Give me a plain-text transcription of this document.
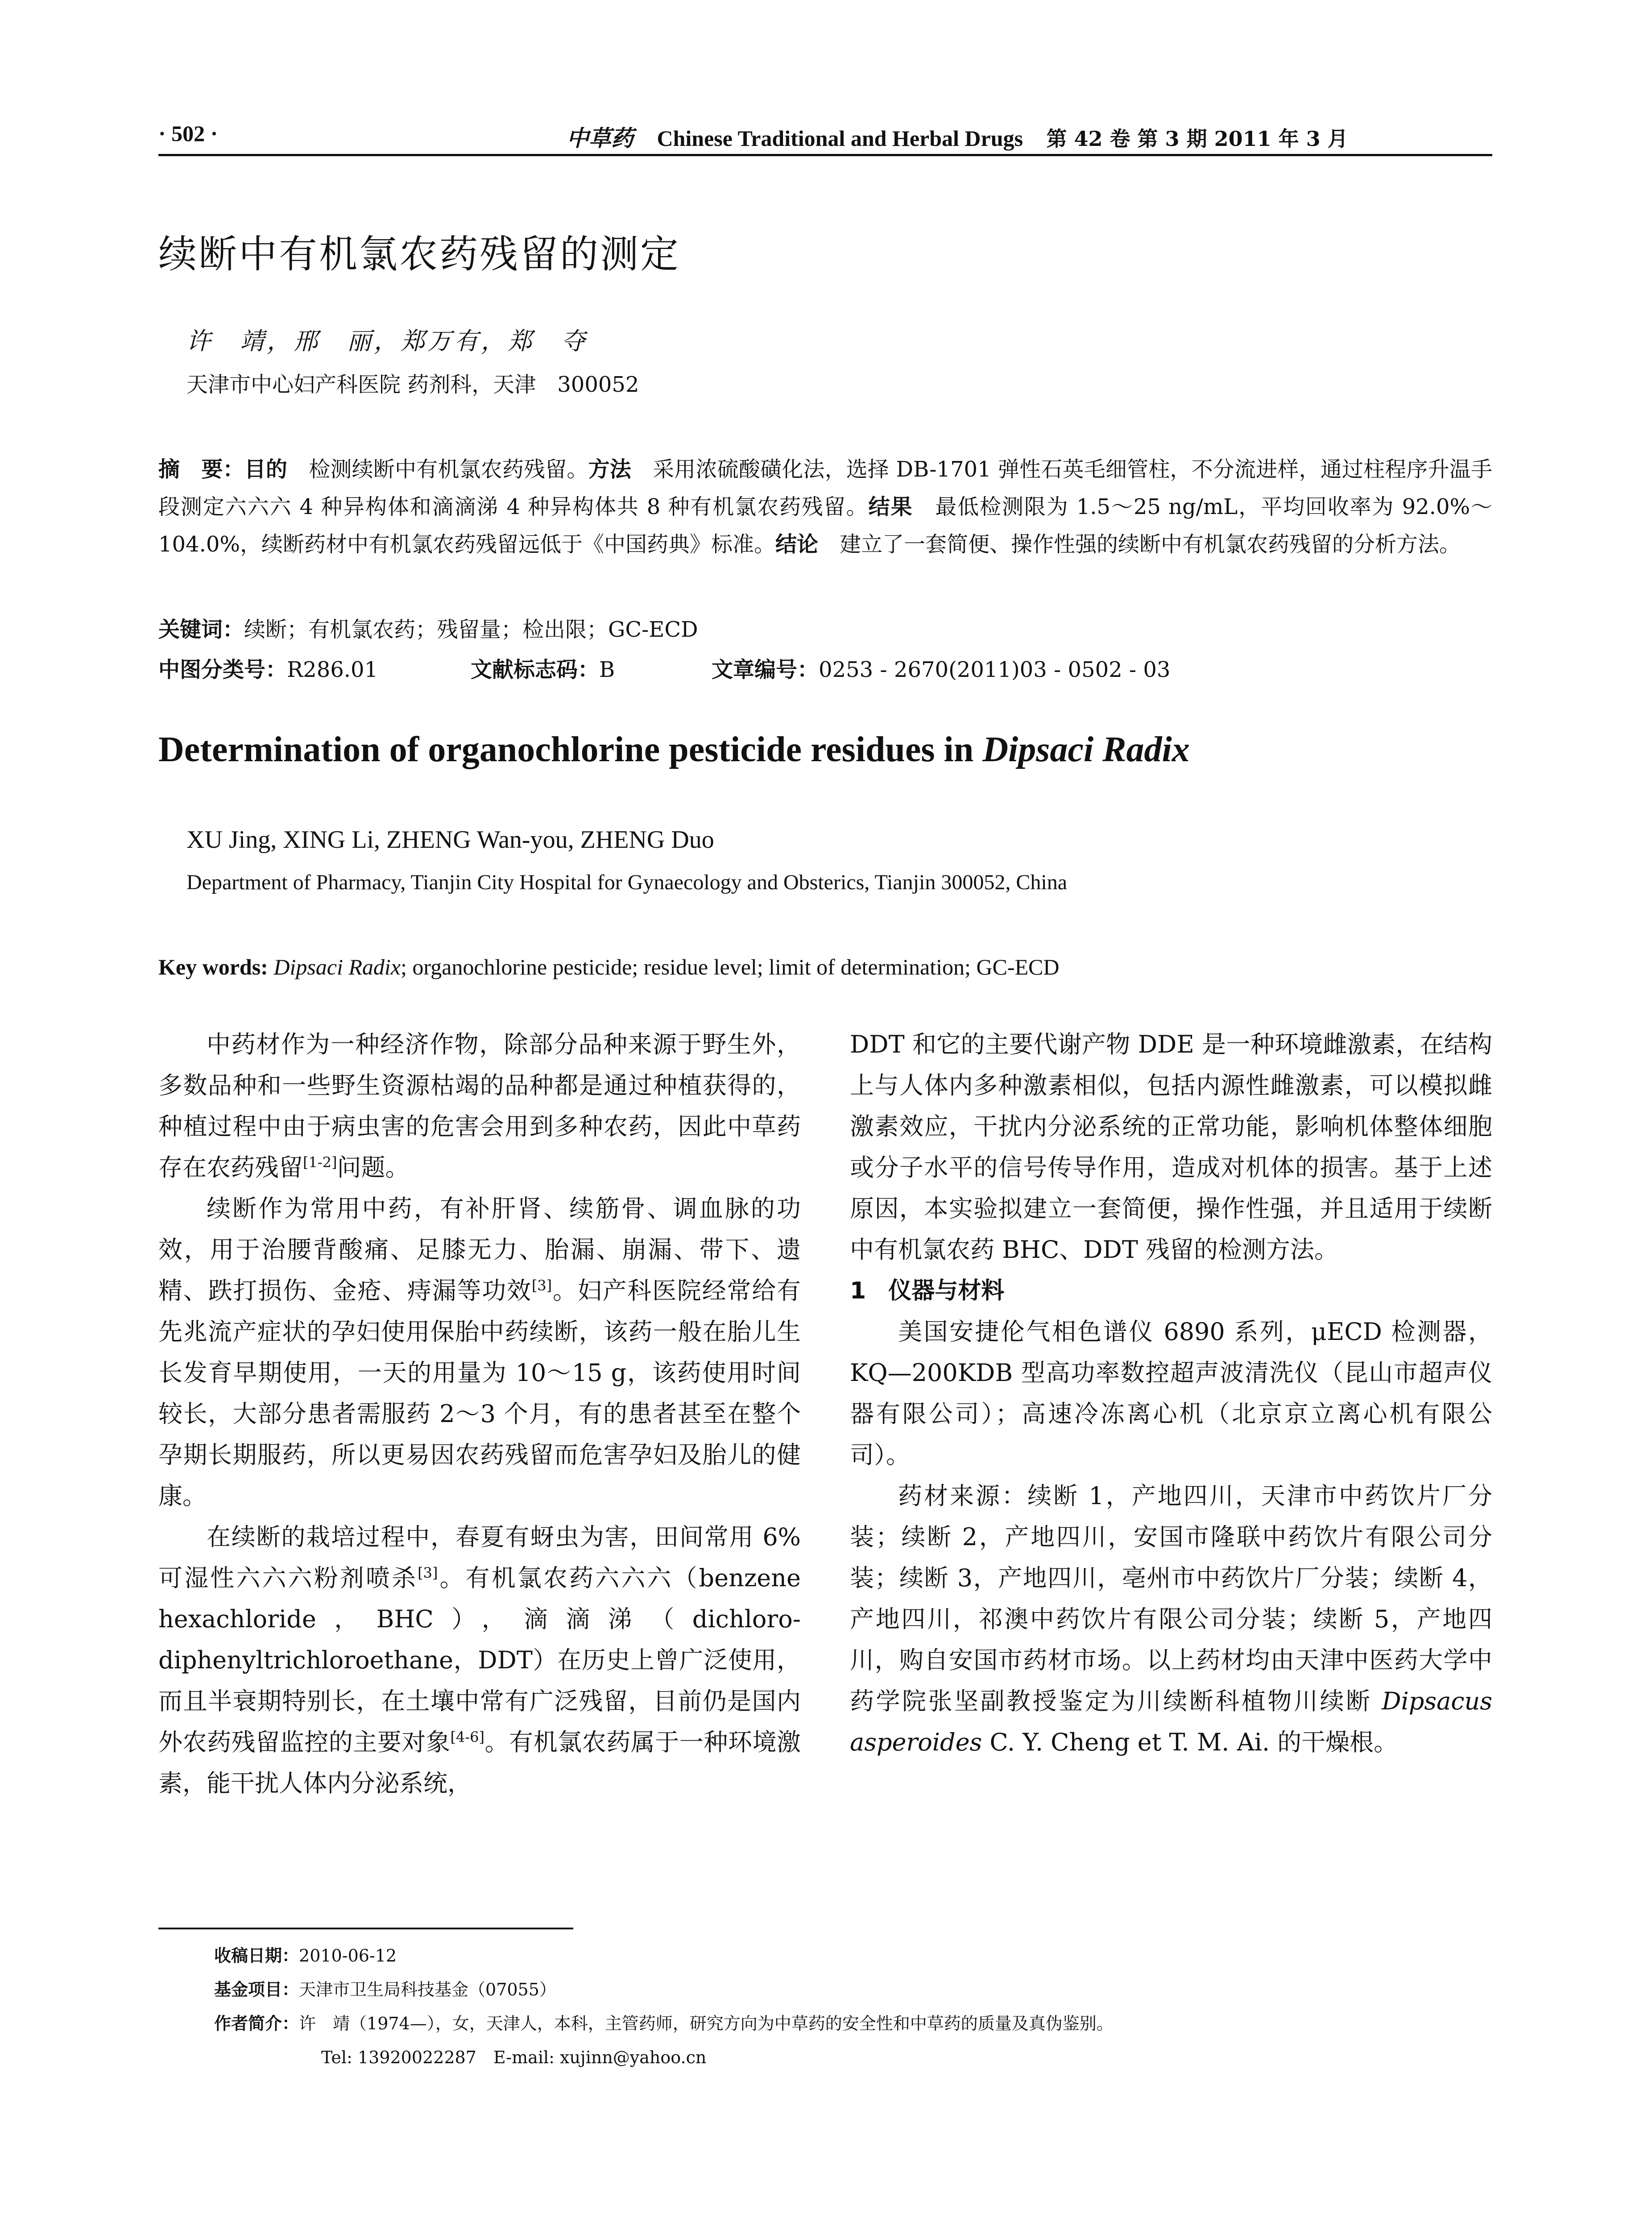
· 502 ·	中草药 Chinese Traditional and Herbal Drugs 第 42 卷 第 3 期 2011 年 3 月
续断中有机氯农药残留的测定
许　靖，邢　丽，郑万有，郑　夺
天津市中心妇产科医院 药剂科，天津　300052
摘　要：目的　检测续断中有机氯农药残留。方法　采用浓硫酸磺化法，选择 DB-1701 弹性石英毛细管柱，不分流进样，通过柱程序升温手段测定六六六 4 种异构体和滴滴涕 4 种异构体共 8 种有机氯农药残留。结果　最低检测限为 1.5～25 ng/mL，平均回收率为 92.0%～104.0%，续断药材中有机氯农药残留远低于《中国药典》标准。结论　建立了一套简便、操作性强的续断中有机氯农药残留的分析方法。
关键词：续断；有机氯农药；残留量；检出限；GC-ECD
中图分类号：R286.01	文献标志码：B	文章编号：0253 - 2670(2011)03 - 0502 - 03
Determination of organochlorine pesticide residues in Dipsaci Radix
XU Jing, XING Li, ZHENG Wan-you, ZHENG Duo
Department of Pharmacy, Tianjin City Hospital for Gynaecology and Obsterics, Tianjin 300052, China
Key words: Dipsaci Radix; organochlorine pesticide; residue level; limit of determination; GC-ECD

中药材作为一种经济作物，除部分品种来源于野生外，多数品种和一些野生资源枯竭的品种都是通过种植获得的，种植过程中由于病虫害的危害会用到多种农药，因此中草药存在农药残留[1-2]问题。

续断作为常用中药，有补肝肾、续筋骨、调血脉的功效，用于治腰背酸痛、足膝无力、胎漏、崩漏、带下、遗精、跌打损伤、金疮、痔漏等功效[3]。妇产科医院经常给有先兆流产症状的孕妇使用保胎中药续断，该药一般在胎儿生长发育早期使用，一天的用量为 10～15 g，该药使用时间较长，大部分患者需服药 2～3 个月，有的患者甚至在整个孕期长期服药，所以更易因农药残留而危害孕妇及胎儿的健康。

在续断的栽培过程中，春夏有蚜虫为害，田间常用 6%可湿性六六六粉剂喷杀[3]。有机氯农药六六六（benzene hexachloride，BHC），滴滴涕（dichloro-diphenyltrichloroethane，DDT）在历史上曾广泛使用，而且半衰期特别长，在土壤中常有广泛残留，目前仍是国内外农药残留监控的主要对象[4-6]。有机氯农药属于一种环境激素，能干扰人体内分泌系统，

DDT 和它的主要代谢产物 DDE 是一种环境雌激素，在结构上与人体内多种激素相似，包括内源性雌激素，可以模拟雌激素效应，干扰内分泌系统的正常功能，影响机体整体细胞或分子水平的信号传导作用，造成对机体的损害。基于上述原因，本实验拟建立一套简便，操作性强，并且适用于续断中有机氯农药 BHC、DDT 残留的检测方法。

1 仪器与材料

美国安捷伦气相色谱仪 6890 系列，μECD 检测器，KQ—200KDB 型高功率数控超声波清洗仪（昆山市超声仪器有限公司）；高速冷冻离心机（北京京立离心机有限公司）。

药材来源：续断 1，产地四川，天津市中药饮片厂分装；续断 2，产地四川，安国市隆联中药饮片有限公司分装；续断 3，产地四川，亳州市中药饮片厂分装；续断 4，产地四川，祁澳中药饮片有限公司分装；续断 5，产地四川，购自安国市药材市场。以上药材均由天津中医药大学中药学院张坚副教授鉴定为川续断科植物川续断 Dipsacus asperoides C. Y. Cheng et T. M. Ai. 的干燥根。

收稿日期：2010-06-12
基金项目：天津市卫生局科技基金（07055）
作者简介：许　靖（1974—），女，天津人，本科，主管药师，研究方向为中草药的安全性和中草药的质量及真伪鉴别。
Tel: 13920022287　E-mail: xujinn@yahoo.cn
